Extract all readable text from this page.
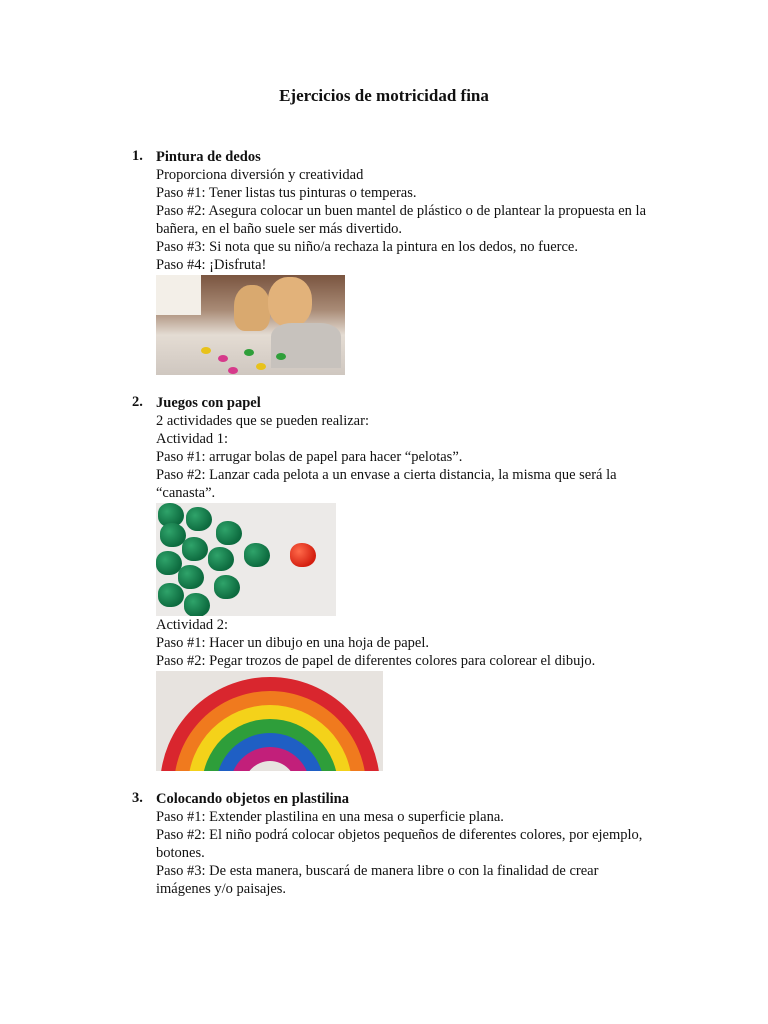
Ejercicios de motricidad fina
1. Pintura de dedos
Proporciona diversión y creatividad
Paso #1: Tener listas tus pinturas o temperas.
Paso #2: Asegura colocar un buen mantel de plástico o de plantear la propuesta en la bañera, en el baño suele ser más divertido.
Paso #3: Si nota que su niño/a rechaza la pintura en los dedos, no fuerce.
Paso #4: ¡Disfruta!
2. Juegos con papel
2 actividades que se pueden realizar:
Actividad 1:
Paso #1: arrugar bolas de papel para hacer “pelotas”.
Paso #2: Lanzar cada pelota a un envase a cierta distancia, la misma que será la “canasta”.
Actividad 2:
Paso #1: Hacer un dibujo en una hoja de papel.
Paso #2: Pegar trozos de papel de diferentes colores para colorear el dibujo.
3. Colocando objetos en plastilina
Paso #1: Extender plastilina en una mesa o superficie plana.
Paso #2: El niño podrá colocar objetos pequeños de diferentes colores, por ejemplo, botones.
Paso #3: De esta manera, buscará de manera libre o con la finalidad de crear imágenes y/o paisajes.
